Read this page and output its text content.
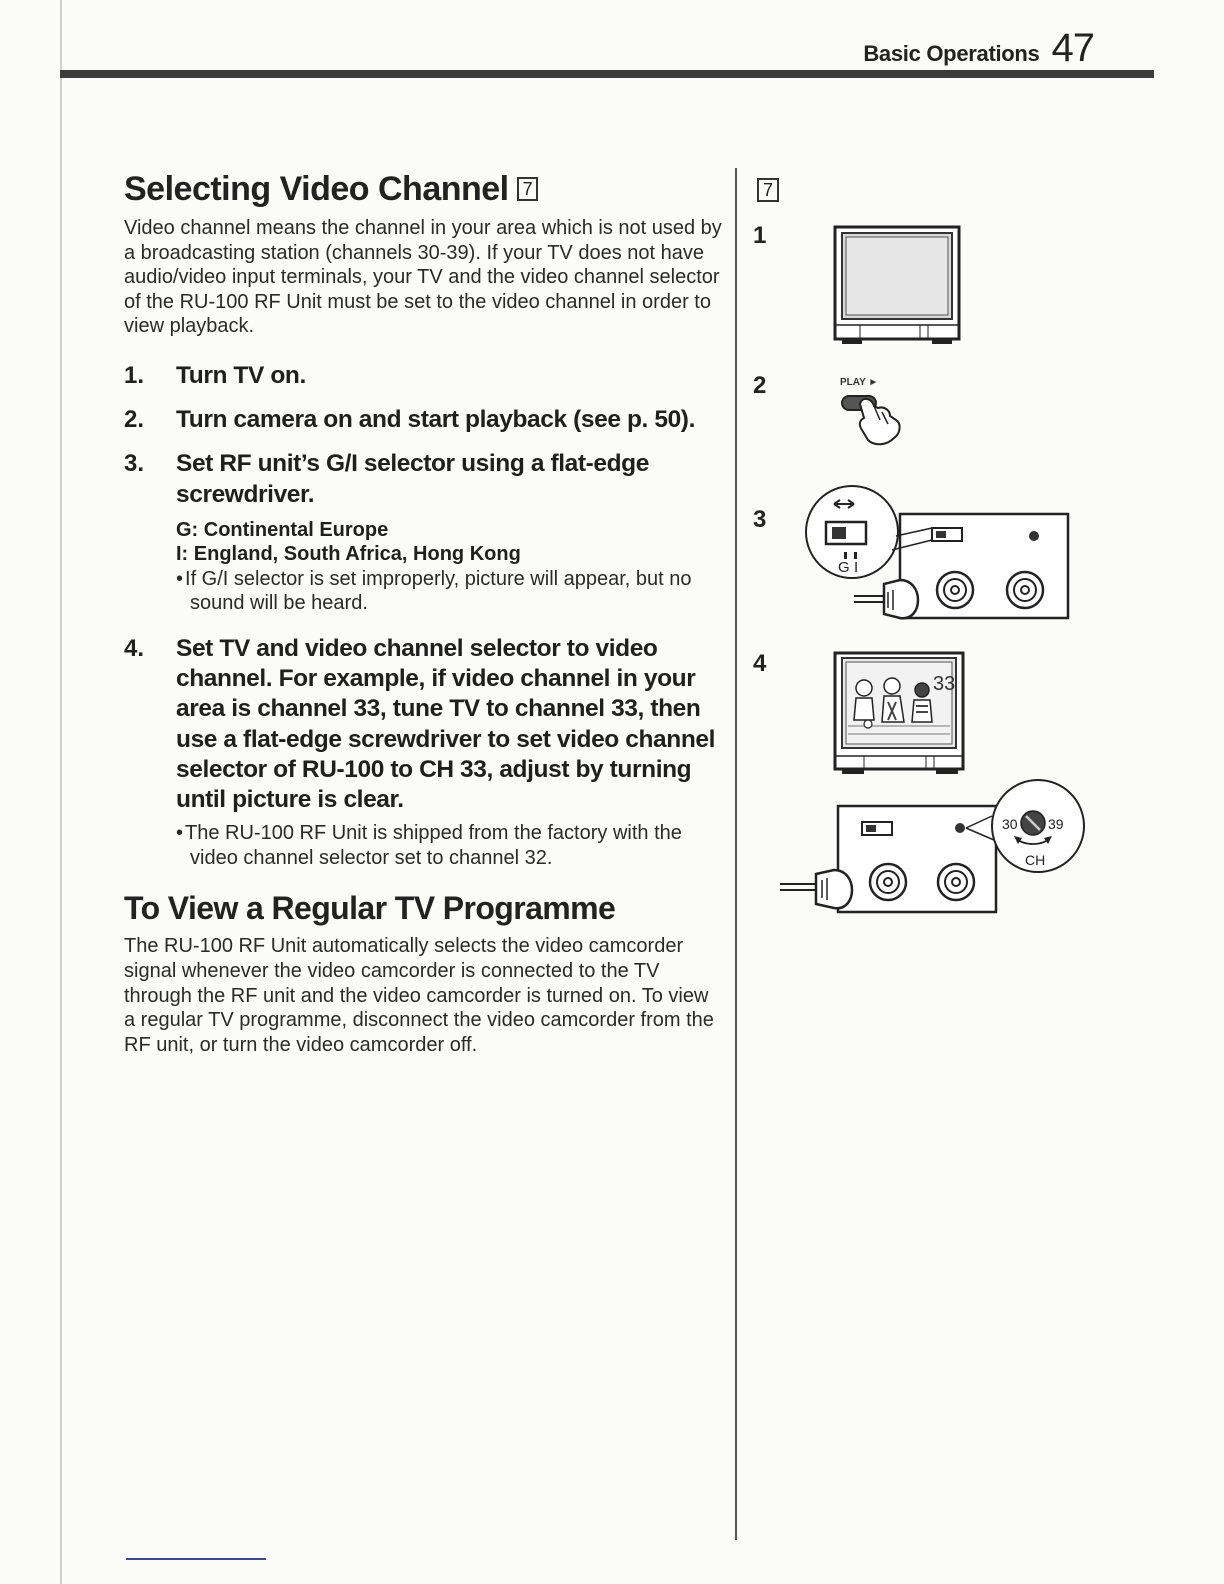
Basic Operations 47
Selecting Video Channel 7

Video channel means the channel in your area which is not used by a broadcasting station (channels 30-39). If your TV does not have audio/video input terminals, your TV and the video channel selector of the RU-100 RF Unit must be set to the video channel in order to view playback.

1.	Turn TV on.
2.	Turn camera on and start playback (see p. 50).
3.	Set RF unit’s G/I selector using a flat-edge screwdriver.
G: Continental Europe
I: England, South Africa, Hong Kong
• If G/I selector is set improperly, picture will appear, but no sound will be heard.
4.	Set TV and video channel selector to video channel. For example, if video channel in your area is channel 33, tune TV to channel 33, then use a flat-edge screwdriver to set video channel selector of RU-100 to CH 33, adjust by turning until picture is clear.
• The RU-100 RF Unit is shipped from the factory with the video channel selector set to channel 32.
To View a Regular TV Programme

The RU-100 RF Unit automatically selects the video camcorder signal whenever the video camcorder is connected to the TV through the RF unit and the video camcorder is turned on. To view a regular TV programme, disconnect the video camcorder from the RF unit, or turn the video camcorder off.

7
1
2
3
4
PLAY ►
G I
33
30 39
CH
